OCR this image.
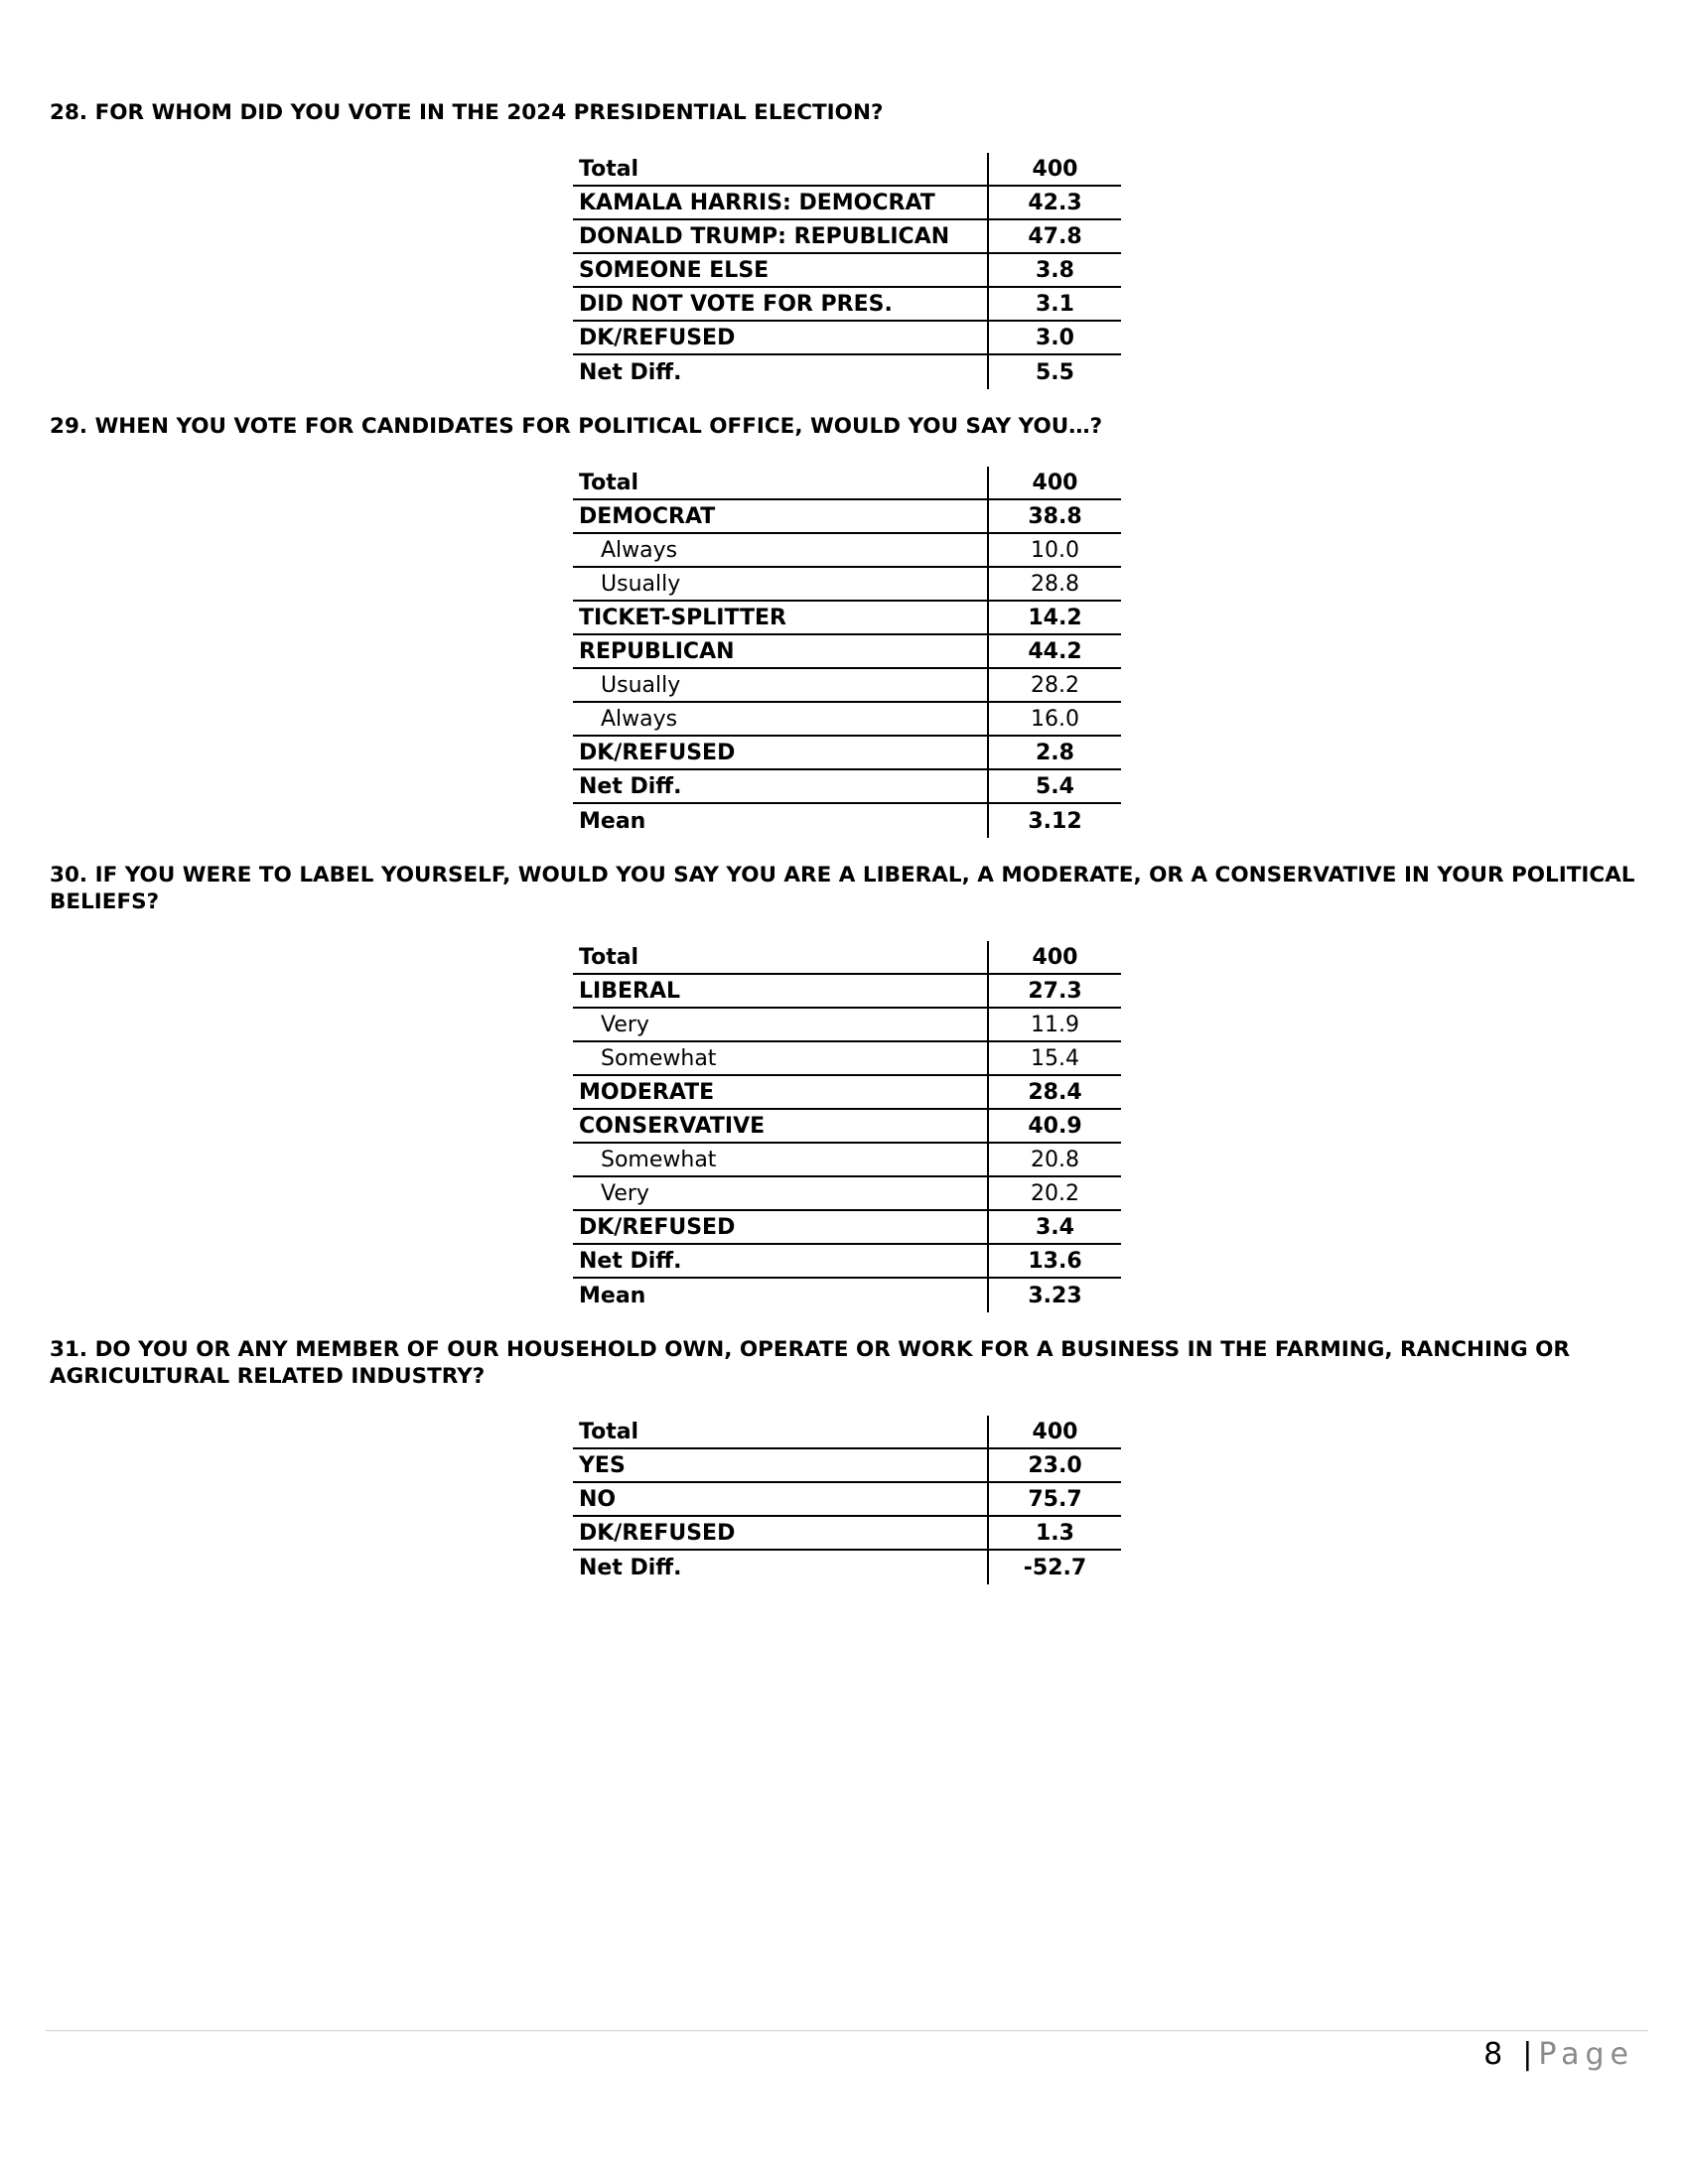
28. FOR WHOM DID YOU VOTE IN THE 2024 PRESIDENTIAL ELECTION?
Total	400
KAMALA HARRIS: DEMOCRAT	42.3
DONALD TRUMP: REPUBLICAN	47.8
SOMEONE ELSE	3.8
DID NOT VOTE FOR PRES.	3.1
DK/REFUSED	3.0
Net Diff.	5.5
29. WHEN YOU VOTE FOR CANDIDATES FOR POLITICAL OFFICE, WOULD YOU SAY YOU…?
Total	400
DEMOCRAT	38.8
Always	10.0
Usually	28.8
TICKET-SPLITTER	14.2
REPUBLICAN	44.2
Usually	28.2
Always	16.0
DK/REFUSED	2.8
Net Diff.	5.4
Mean	3.12
30. IF YOU WERE TO LABEL YOURSELF, WOULD YOU SAY YOU ARE A LIBERAL, A MODERATE, OR A CONSERVATIVE IN YOUR POLITICAL BELIEFS?
Total	400
LIBERAL	27.3
Very	11.9
Somewhat	15.4
MODERATE	28.4
CONSERVATIVE	40.9
Somewhat	20.8
Very	20.2
DK/REFUSED	3.4
Net Diff.	13.6
Mean	3.23
31. DO YOU OR ANY MEMBER OF OUR HOUSEHOLD OWN, OPERATE OR WORK FOR A BUSINESS IN THE FARMING, RANCHING OR AGRICULTURAL RELATED INDUSTRY?
Total	400
YES	23.0
NO	75.7
DK/REFUSED	1.3
Net Diff.	-52.7
8 | Page
